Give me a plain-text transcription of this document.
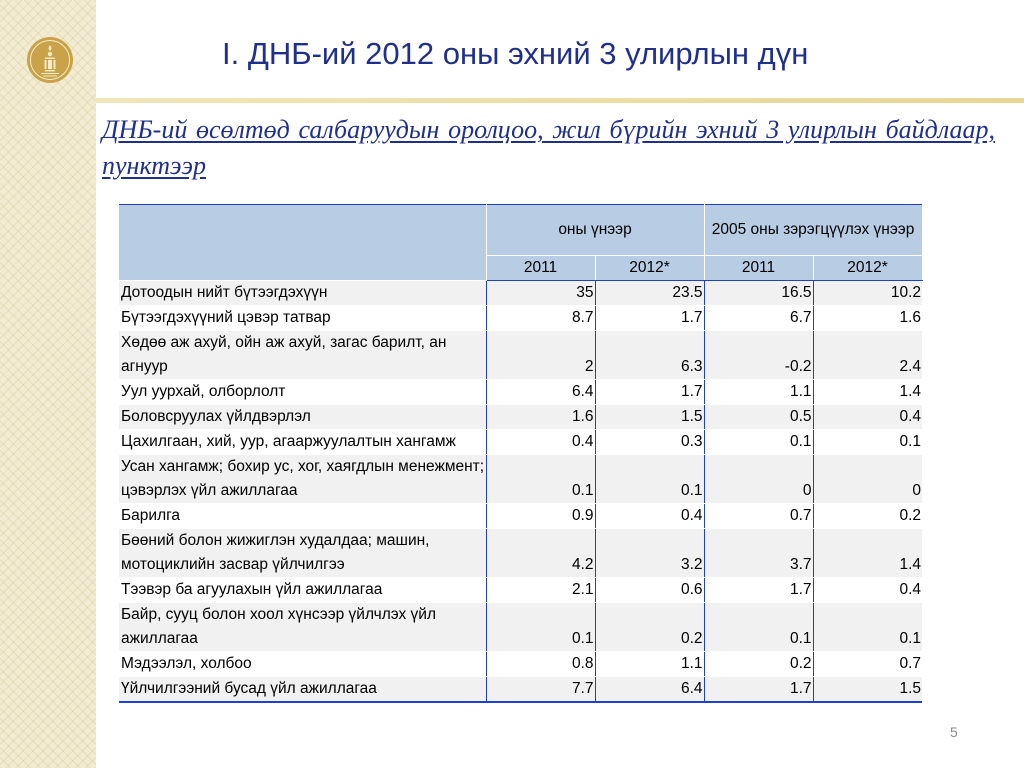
I. ДНБ-ий 2012 оны эхний 3 улирлын дүн
ДНБ-ий өсөлтөд салбаруудын оролцоо, жил бүрийн эхний 3 улирлын байдлаар, пунктээр
	оны үнээр		2005 оны зэрэгцүүлэх үнээр	
	2011	2012*	2011	2012*
Дотоодын нийт бүтээгдэхүүн	35	23.5	16.5	10.2
Бүтээгдэхүүний цэвэр татвар	8.7	1.7	6.7	1.6
Хөдөө аж ахуй, ойн аж ахуй, загас барилт, ан агнуур	2	6.3	-0.2	2.4
Уул уурхай, олборлолт	6.4	1.7	1.1	1.4
Боловсруулах үйлдвэрлэл	1.6	1.5	0.5	0.4
Цахилгаан, хий, уур, агааржуулалтын хангамж	0.4	0.3	0.1	0.1
Усан хангамж; бохир ус, хог, хаягдлын менежмент; цэвэрлэх үйл ажиллагаа	0.1	0.1	0	0
Барилга	0.9	0.4	0.7	0.2
Бөөний болон жижиглэн худалдаа; машин, мотоциклийн засвар үйлчилгээ	4.2	3.2	3.7	1.4
Тээвэр ба агуулахын үйл ажиллагаа	2.1	0.6	1.7	0.4
Байр, сууц болон хоол хүнсээр үйлчлэх үйл ажиллагаа	0.1	0.2	0.1	0.1
Мэдээлэл, холбоо	0.8	1.1	0.2	0.7
Үйлчилгээний бусад үйл ажиллагаа	7.7	6.4	1.7	1.5
5
